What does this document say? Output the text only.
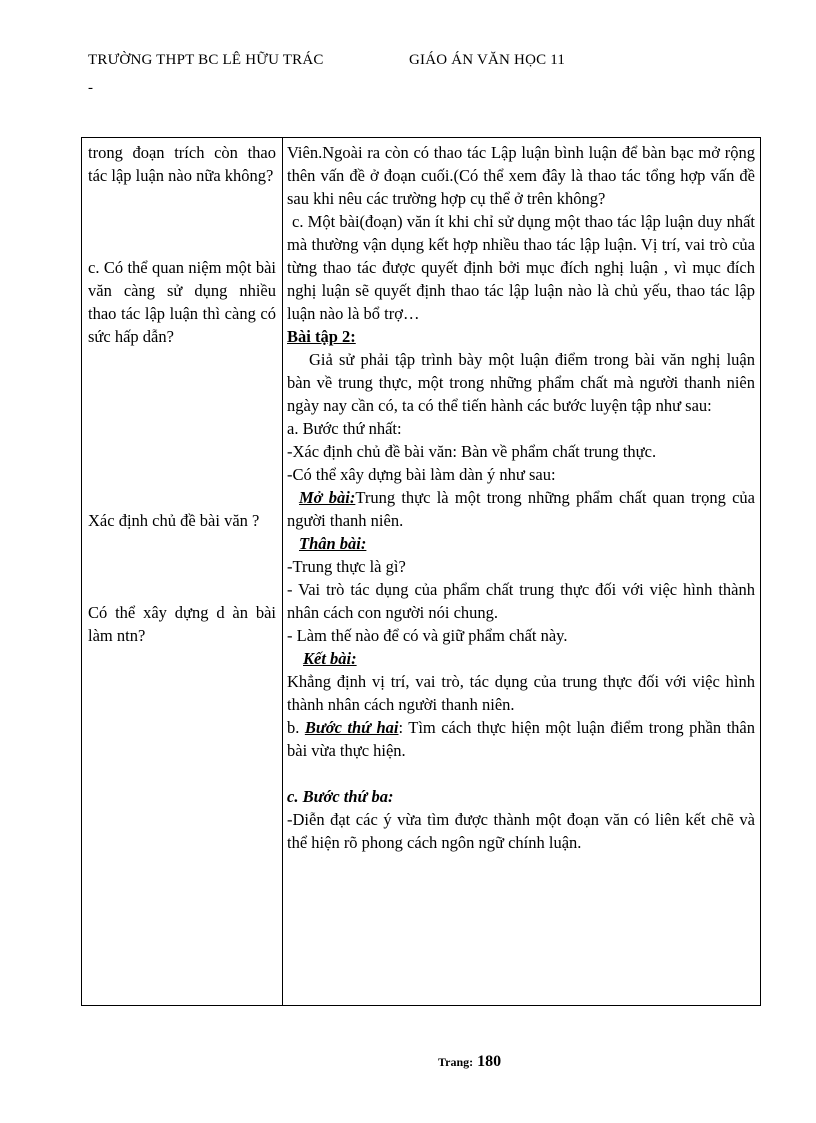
TRƯỜNG THPT BC LÊ HỮU TRÁC	GIÁO ÁN VĂN HỌC 11
-
trong đoạn trích còn thao tác lập luận nào nữa không?
c. Có thể quan niệm một bài văn càng sử dụng nhiều thao tác lập luận thì càng có sức hấp dẫn?
Xác định chủ đề bài văn ?
Có thể xây dựng d àn bài làm ntn?

Viên.Ngoài ra còn có thao tác Lập luận bình luận để bàn bạc mở rộng thên vấn đề ở đoạn cuối.(Có thể xem đây là thao tác tổng hợp vấn đề sau khi nêu các trường hợp cụ thể ở trên không?

c. Một bài(đoạn) văn ít khi chỉ sử dụng một thao tác lập luận duy nhất mà thường vận dụng kết hợp nhiều thao tác lập luận. Vị trí, vai trò của từng thao tác được quyết định bởi mục đích nghị luận , vì mục đích nghị luận sẽ quyết định thao tác lập luận nào là chủ yếu, thao tác lập luận nào là bổ trợ…

Bài tập 2:

Giả sử phải tập trình bày một luận điểm trong bài văn nghị luận bàn về trung thực, một trong những phẩm chất mà người thanh niên ngày nay cần có, ta có thể tiến hành các bước luyện tập như sau:

a. Bước thứ nhất:

-Xác định chủ đề bài văn: Bàn về phẩm chất trung thực.

-Có thể xây dựng bài làm dàn ý như sau:

Mở bài:Trung thực là một trong những phẩm chất quan trọng của người thanh niên.

Thân bài:

-Trung thực là gì?

- Vai trò tác dụng của phẩm chất trung thực đối với việc hình thành nhân cách con người nói chung.

- Làm thế nào để có và giữ phẩm chất này.

Kết bài:

Khẳng định vị trí, vai trò, tác dụng của trung thực đối với việc hình thành nhân cách người thanh niên.

b. Bước thứ hai: Tìm cách thực hiện một luận điểm trong phần thân bài vừa thực hiện.

c. Bước thứ ba:

-Diễn đạt các ý vừa tìm được thành một đoạn văn có liên kết chẽ và thể hiện rõ phong cách ngôn ngữ chính luận.

Trang: 180
